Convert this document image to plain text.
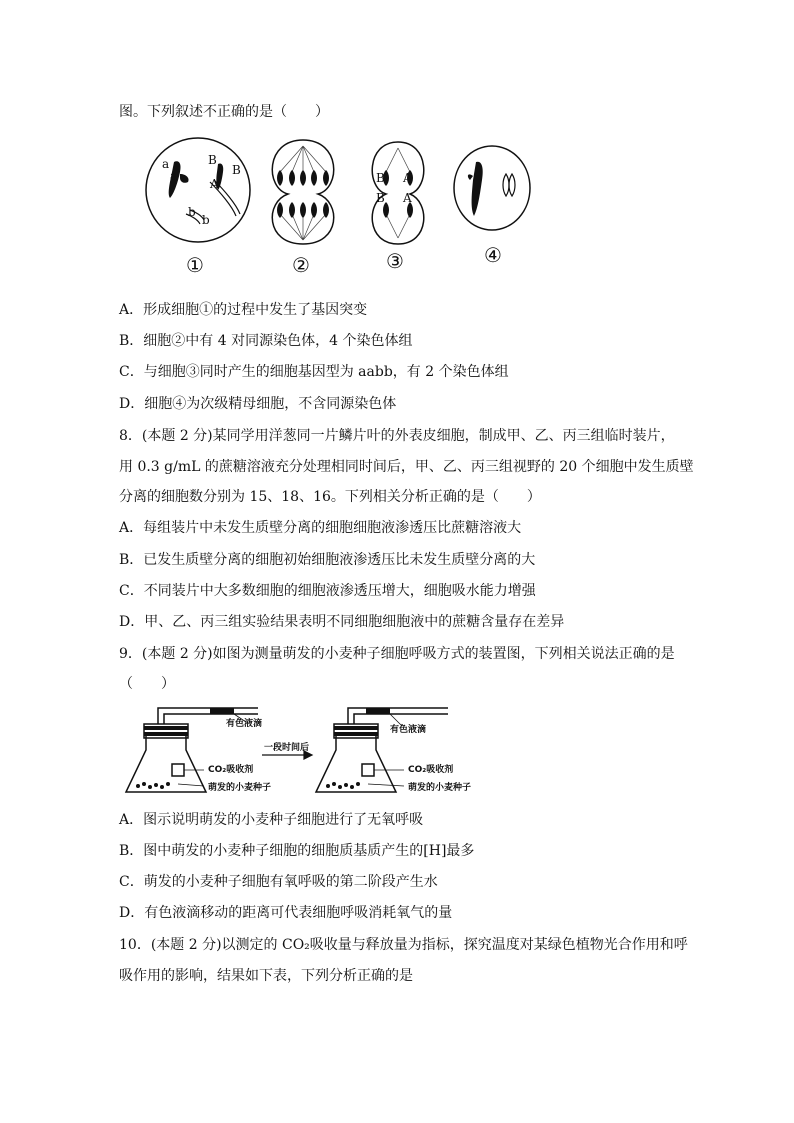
图。下列叙述不正确的是（　　）
a
a
B
B
A
b
b
B A
B A
①	②	③	④
A．形成细胞①的过程中发生了基因突变
B．细胞②中有 4 对同源染色体，4 个染色体组
C．与细胞③同时产生的细胞基因型为 aabb，有 2 个染色体组
D．细胞④为次级精母细胞，不含同源染色体
8．(本题 2 分)某同学用洋葱同一片鳞片叶的外表皮细胞，制成甲、乙、丙三组临时装片，
用 0.3 g/mL 的蔗糖溶液充分处理相同时间后，甲、乙、丙三组视野的 20 个细胞中发生质壁
分离的细胞数分别为 15、18、16。下列相关分析正确的是（　　）
A．每组装片中未发生质壁分离的细胞细胞液渗透压比蔗糖溶液大
B．已发生质壁分离的细胞初始细胞液渗透压比未发生质壁分离的大
C．不同装片中大多数细胞的细胞液渗透压增大，细胞吸水能力增强
D．甲、乙、丙三组实验结果表明不同细胞细胞液中的蔗糖含量存在差异
9．(本题 2 分)如图为测量萌发的小麦种子细胞呼吸方式的装置图，下列相关说法正确的是
（　　）
有色液滴
CO₂吸收剂
萌发的小麦种子
一段时间后
有色液滴
CO₂吸收剂
萌发的小麦种子
A．图示说明萌发的小麦种子细胞进行了无氧呼吸
B．图中萌发的小麦种子细胞的细胞质基质产生的[H]最多
C．萌发的小麦种子细胞有氧呼吸的第二阶段产生水
D．有色液滴移动的距离可代表细胞呼吸消耗氧气的量
10．(本题 2 分)以测定的 CO₂吸收量与释放量为指标，探究温度对某绿色植物光合作用和呼
吸作用的影响，结果如下表，下列分析正确的是
